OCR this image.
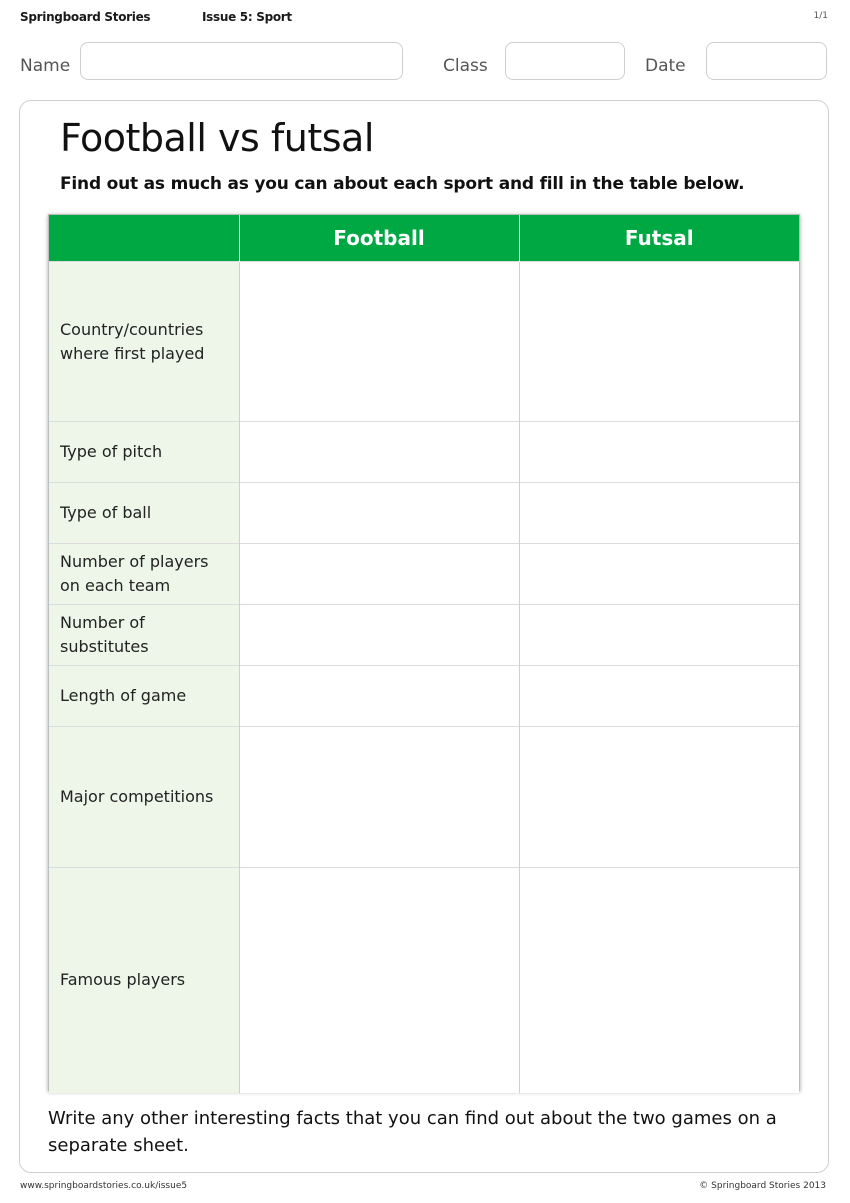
Springboard Stories	Issue 5: Sport	1/1
Name	Class	Date
Football vs futsal
Find out as much as you can about each sport and fill in the table below.
	Football	Futsal
Country/countries where first played	

Type of pitch	

Type of ball	

Number of players on each team	

Number of substitutes	

Length of game	

Major competitions	

Famous players	

Write any other interesting facts that you can find out about the two games on a separate sheet.
www.springboardstories.co.uk/issue5	© Springboard Stories 2013
